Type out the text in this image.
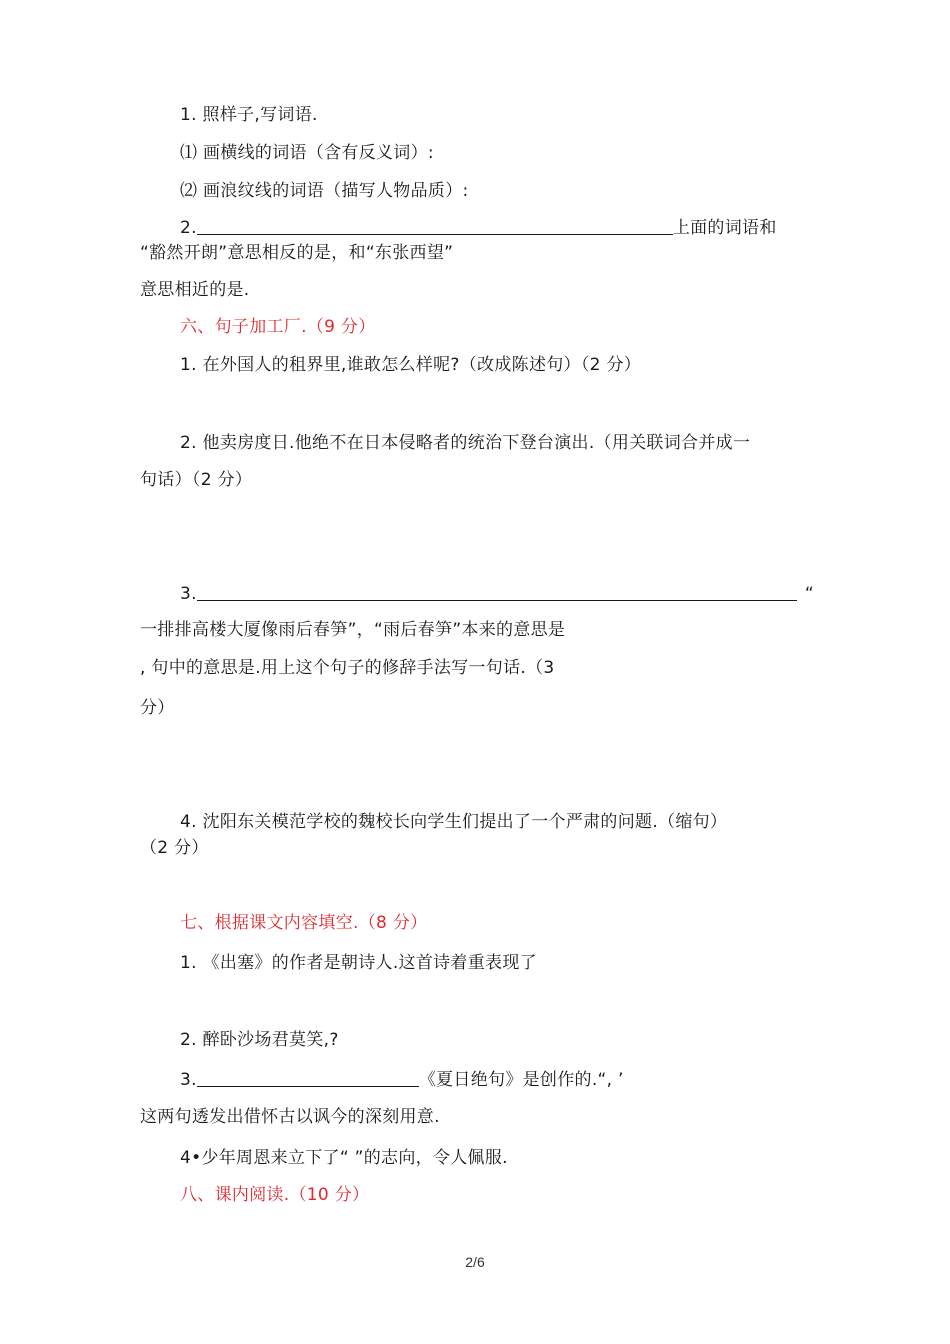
1. 照样子,写词语.

⑴ 画横线的词语（含有反义词）:

⑵ 画浪纹线的词语（描写人物品质）:

2.	上面的词语和

“豁然开朗”意思相反的是，和“东张西望”

意思相近的是.

六、句子加工厂.（9 分）

1. 在外国人的租界里,谁敢怎么样呢?（改成陈述句）（2 分）

2. 他卖房度日.他绝不在日本侵略者的统治下登台演出.（用关联词合并成一

句话）（2 分）

3.	“

一排排高楼大厦像雨后春笋”，“雨后春笋”本来的意思是

, 句中的意思是.用上这个句子的修辞手法写一句话.（3

分）

4. 沈阳东关模范学校的魏校长向学生们提出了一个严肃的问题.（缩句）

（2 分）

七、根据课文内容填空.（8 分）

1. 《出塞》的作者是朝诗人.这首诗着重表现了

2. 醉卧沙场君莫笑,?

3.	《夏日绝句》是创作的.“, ’

这两句透发出借怀古以讽今的深刻用意.

4•少年周恩来立下了“ ”的志向，令人佩服.

八、课内阅读.（10 分）

2/6
